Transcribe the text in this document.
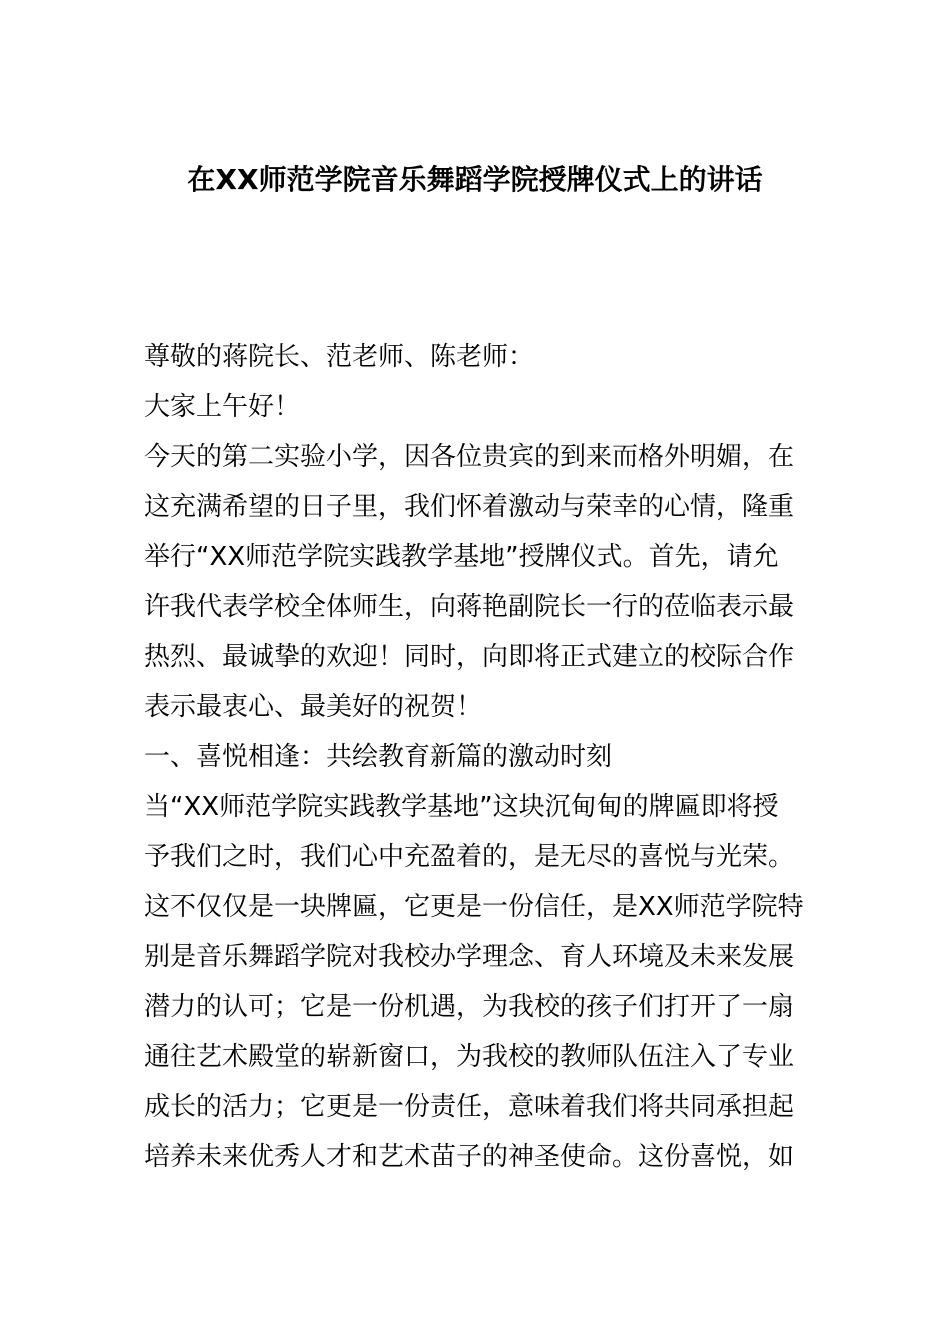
在XX师范学院音乐舞蹈学院授牌仪式上的讲话
尊敬的蒋院长、范老师、陈老师：
大家上午好！
今天的第二实验小学，因各位贵宾的到来而格外明媚，在
这充满希望的日子里，我们怀着激动与荣幸的心情，隆重
举行“XX师范学院实践教学基地”授牌仪式。首先，请允
许我代表学校全体师生，向蒋艳副院长一行的莅临表示最
热烈、最诚挚的欢迎！同时，向即将正式建立的校际合作
表示最衷心、最美好的祝贺！
一、喜悦相逢：共绘教育新篇的激动时刻
当“XX师范学院实践教学基地”这块沉甸甸的牌匾即将授
予我们之时，我们心中充盈着的，是无尽的喜悦与光荣。
这不仅仅是一块牌匾，它更是一份信任，是XX师范学院特
别是音乐舞蹈学院对我校办学理念、育人环境及未来发展
潜力的认可；它是一份机遇，为我校的孩子们打开了一扇
通往艺术殿堂的崭新窗口，为我校的教师队伍注入了专业
成长的活力；它更是一份责任，意味着我们将共同承担起
培养未来优秀人才和艺术苗子的神圣使命。这份喜悦，如
